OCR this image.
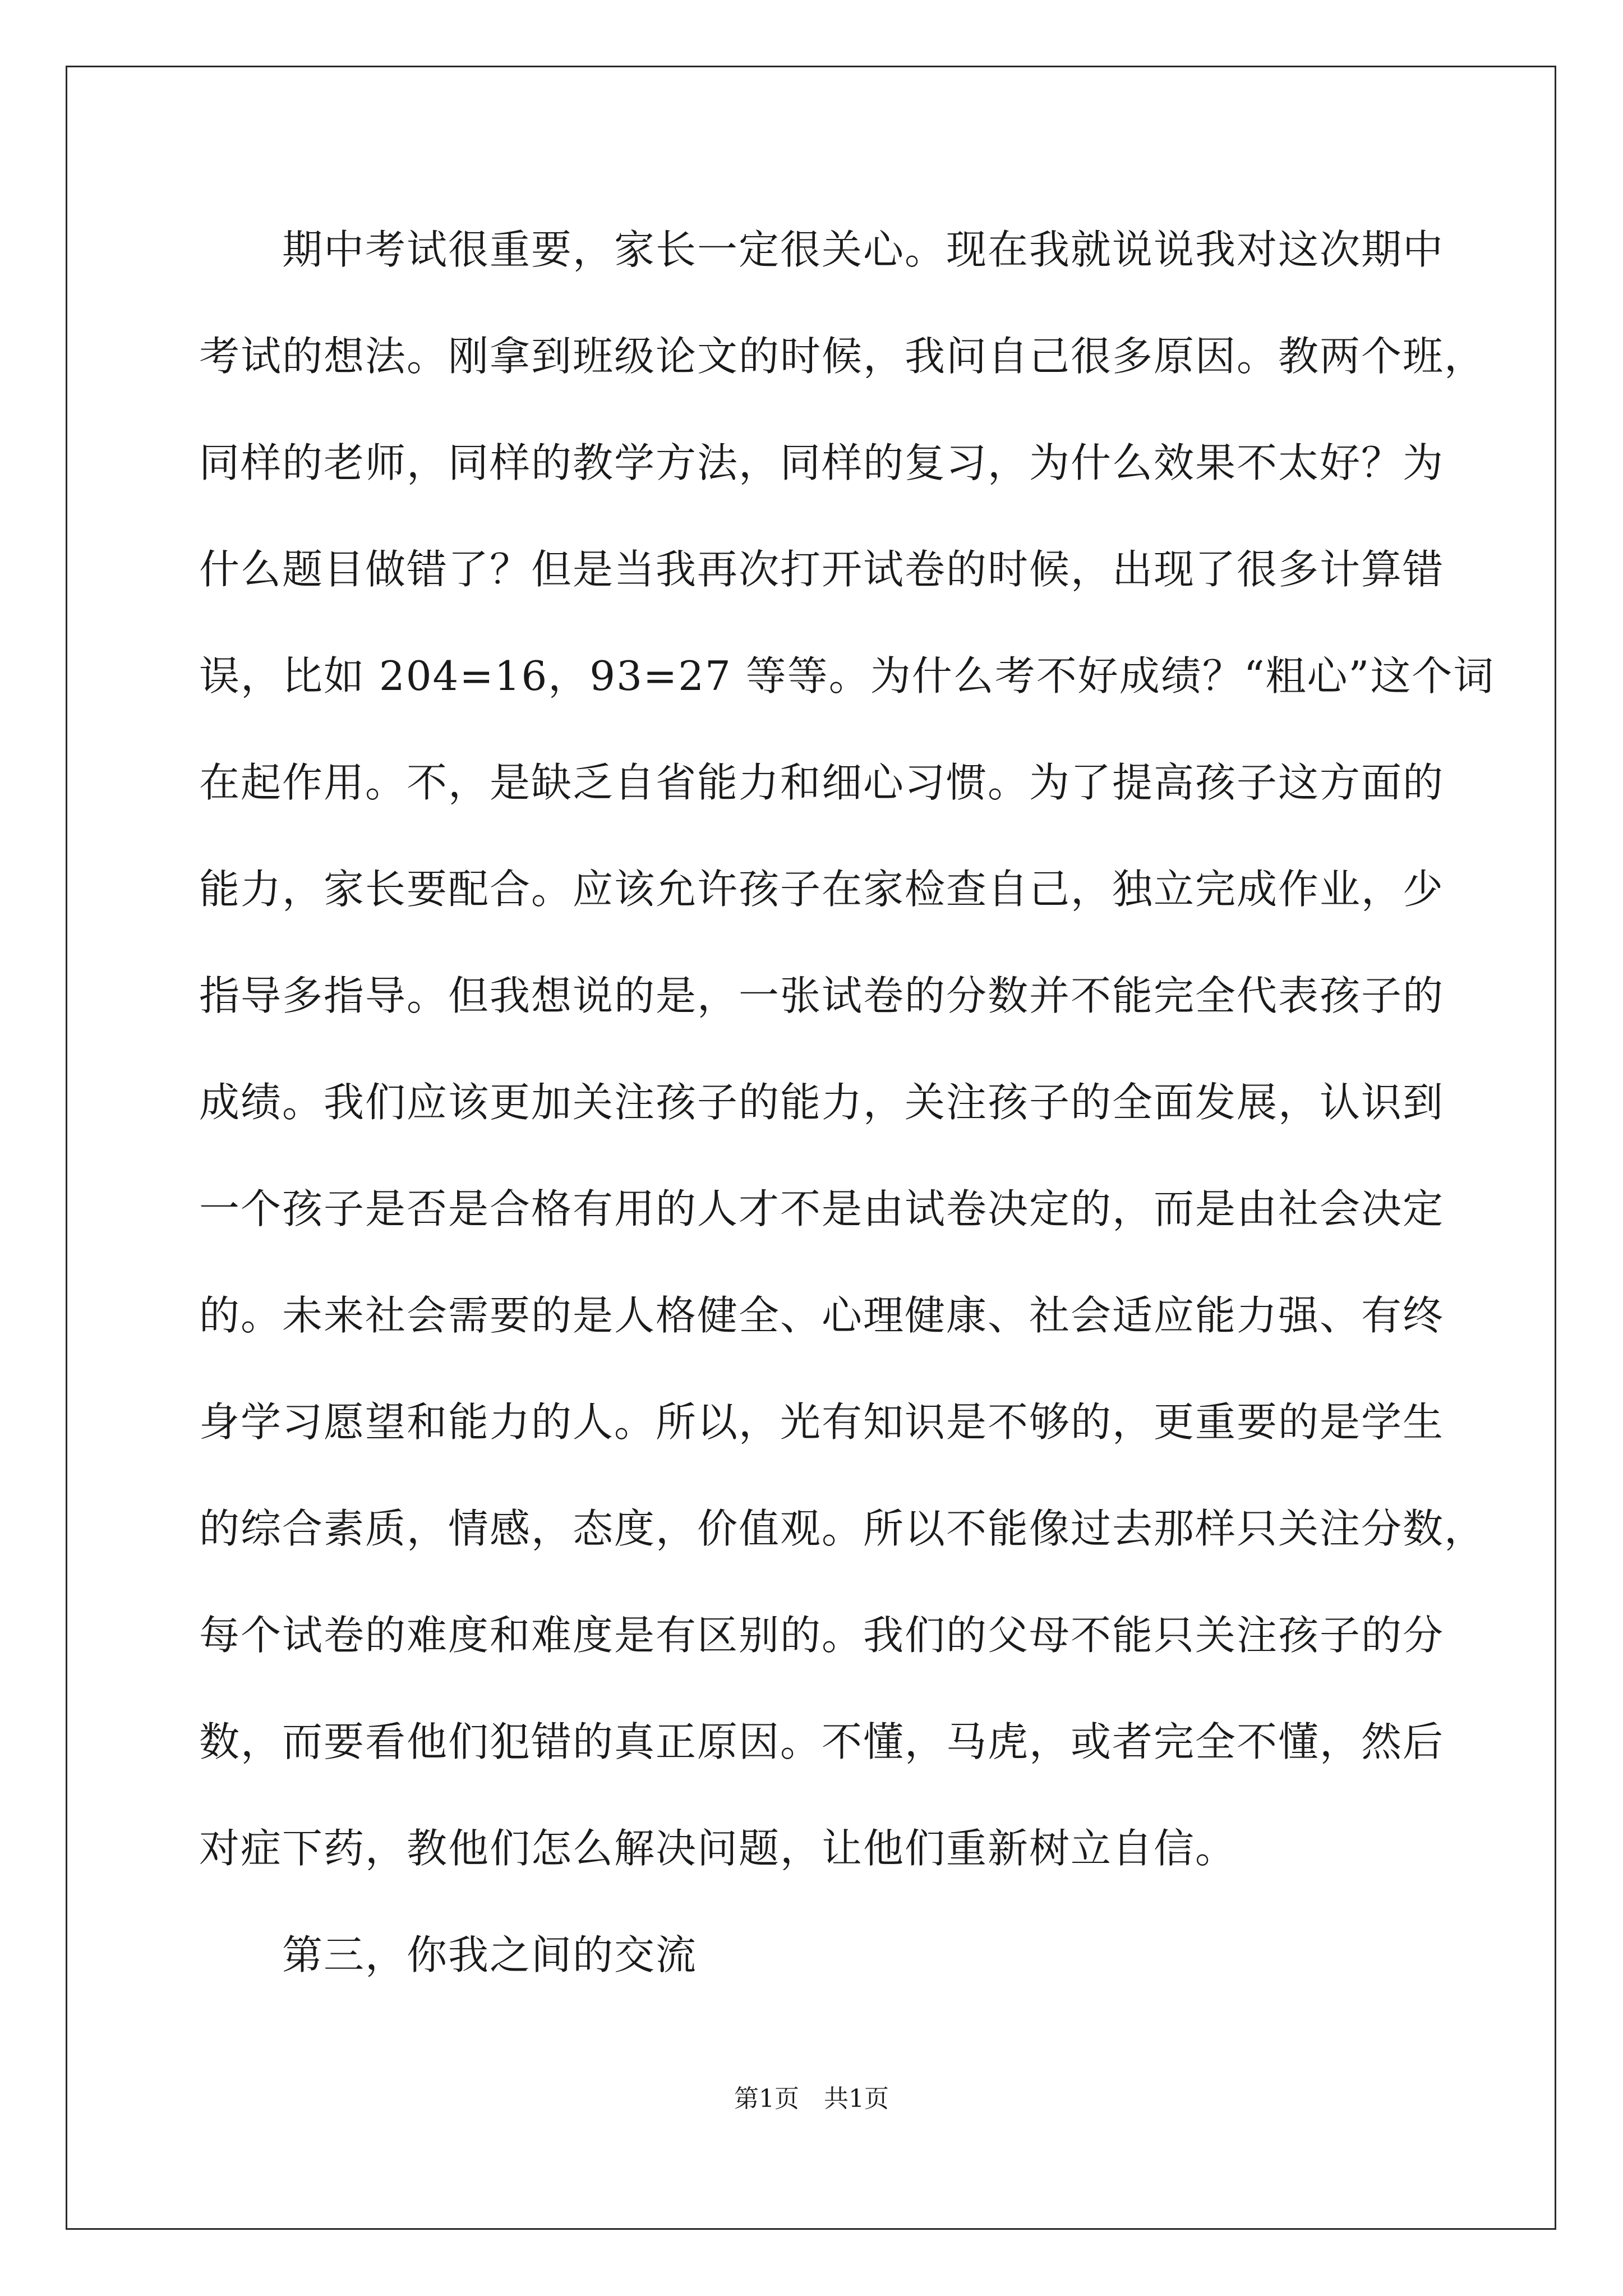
期中考试很重要，家长一定很关心。现在我就说说我对这次期中
考试的想法。刚拿到班级论文的时候，我问自己很多原因。教两个班，
同样的老师，同样的教学方法，同样的复习，为什么效果不太好？为
什么题目做错了？但是当我再次打开试卷的时候，出现了很多计算错
误，比如 204=16，93=27 等等。为什么考不好成绩？“粗心”这个词
在起作用。不，是缺乏自省能力和细心习惯。为了提高孩子这方面的
能力，家长要配合。应该允许孩子在家检查自己，独立完成作业，少
指导多指导。但我想说的是，一张试卷的分数并不能完全代表孩子的
成绩。我们应该更加关注孩子的能力，关注孩子的全面发展，认识到
一个孩子是否是合格有用的人才不是由试卷决定的，而是由社会决定
的。未来社会需要的是人格健全、心理健康、社会适应能力强、有终
身学习愿望和能力的人。所以，光有知识是不够的，更重要的是学生
的综合素质，情感，态度，价值观。所以不能像过去那样只关注分数，
每个试卷的难度和难度是有区别的。我们的父母不能只关注孩子的分
数，而要看他们犯错的真正原因。不懂，马虎，或者完全不懂，然后
对症下药，教他们怎么解决问题，让他们重新树立自信。
第三，你我之间的交流
第1页　共1页
